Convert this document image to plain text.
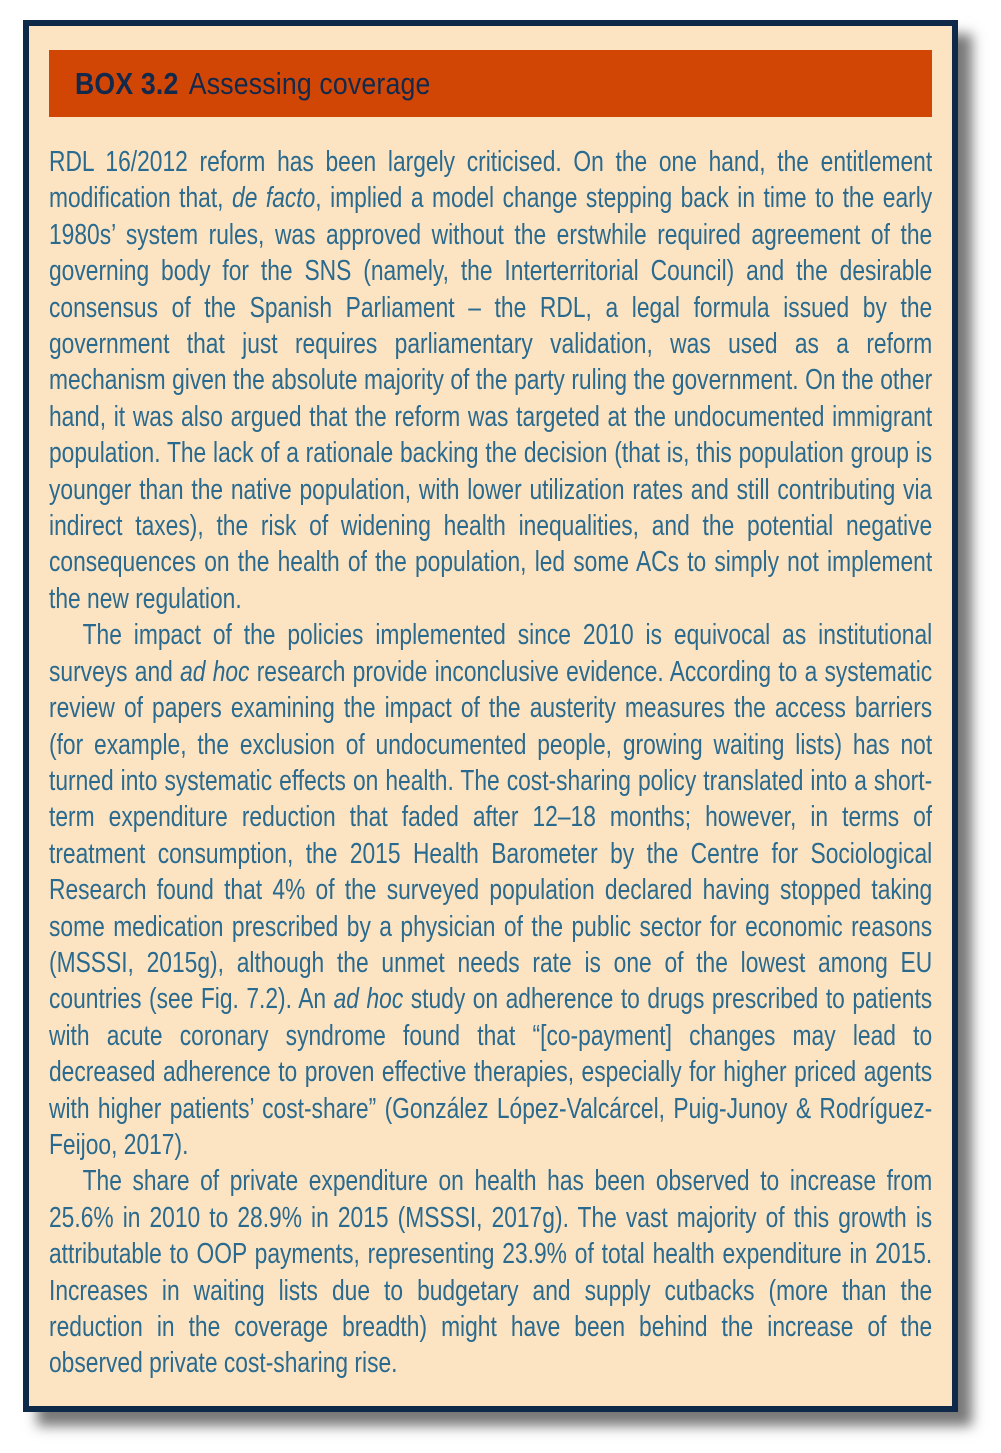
BOX 3.2 Assessing coverage

RDL 16/2012 reform has been largely criticised. On the one hand, the entitlement modification that, de facto, implied a model change stepping back in time to the early 1980s’ system rules, was approved without the erstwhile required agreement of the governing body for the SNS (namely, the Interterritorial Council) and the desirable consensus of the Spanish Parliament – the RDL, a legal formula issued by the government that just requires parliamentary validation, was used as a reform mechanism given the absolute majority of the party ruling the government. On the other hand, it was also argued that the reform was targeted at the undocumented immigrant population. The lack of a rationale backing the decision (that is, this population group is younger than the native population, with lower utilization rates and still contributing via indirect taxes), the risk of widening health inequalities, and the potential negative consequences on the health of the population, led some ACs to simply not implement the new regulation.

The impact of the policies implemented since 2010 is equivocal as institutional surveys and ad hoc research provide inconclusive evidence. According to a systematic review of papers examining the impact of the austerity measures the access barriers (for example, the exclusion of undocumented people, growing waiting lists) has not turned into systematic effects on health. The cost-sharing policy translated into a short-term expenditure reduction that faded after 12–18 months; however, in terms of treatment consumption, the 2015 Health Barometer by the Centre for Sociological Research found that 4% of the surveyed population declared having stopped taking some medication prescribed by a physician of the public sector for economic reasons (MSSSI, 2015g), although the unmet needs rate is one of the lowest among EU countries (see Fig. 7.2). An ad hoc study on adherence to drugs prescribed to patients with acute coronary syndrome found that “[co-payment] changes may lead to decreased adherence to proven effective therapies, especially for higher priced agents with higher patients’ cost-share” (González López-Valcárcel, Puig-Junoy & Rodríguez-Feijoo, 2017).

The share of private expenditure on health has been observed to increase from 25.6% in 2010 to 28.9% in 2015 (MSSSI, 2017g). The vast majority of this growth is attributable to OOP payments, representing 23.9% of total health expenditure in 2015. Increases in waiting lists due to budgetary and supply cutbacks (more than the reduction in the coverage breadth) might have been behind the increase of the observed private cost-sharing rise.
